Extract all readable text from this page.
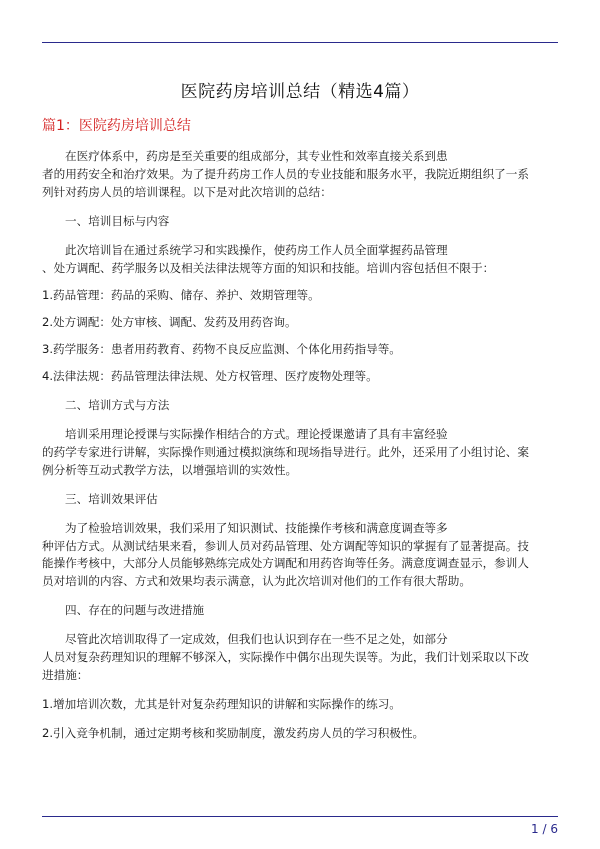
医院药房培训总结（精选4篇）
篇1：医院药房培训总结

在医疗体系中，药房是至关重要的组成部分，其专业性和效率直接关系到患
者的用药安全和治疗效果。为了提升药房工作人员的专业技能和服务水平，我院近期组织了一系
列针对药房人员的培训课程。以下是对此次培训的总结：

一、培训目标与内容

此次培训旨在通过系统学习和实践操作，使药房工作人员全面掌握药品管理
、处方调配、药学服务以及相关法律法规等方面的知识和技能。培训内容包括但不限于：

1.药品管理：药品的采购、储存、养护、效期管理等。

2.处方调配：处方审核、调配、发药及用药咨询。

3.药学服务：患者用药教育、药物不良反应监测、个体化用药指导等。

4.法律法规：药品管理法律法规、处方权管理、医疗废物处理等。

二、培训方式与方法

培训采用理论授课与实际操作相结合的方式。理论授课邀请了具有丰富经验
的药学专家进行讲解，实际操作则通过模拟演练和现场指导进行。此外，还采用了小组讨论、案
例分析等互动式教学方法，以增强培训的实效性。

三、培训效果评估

为了检验培训效果，我们采用了知识测试、技能操作考核和满意度调查等多
种评估方式。从测试结果来看，参训人员对药品管理、处方调配等知识的掌握有了显著提高。技
能操作考核中，大部分人员能够熟练完成处方调配和用药咨询等任务。满意度调查显示，参训人
员对培训的内容、方式和效果均表示满意，认为此次培训对他们的工作有很大帮助。

四、存在的问题与改进措施

尽管此次培训取得了一定成效，但我们也认识到存在一些不足之处，如部分
人员对复杂药理知识的理解不够深入，实际操作中偶尔出现失误等。为此，我们计划采取以下改
进措施：

1.增加培训次数，尤其是针对复杂药理知识的讲解和实际操作的练习。

2.引入竞争机制，通过定期考核和奖励制度，激发药房人员的学习积极性。

1 / 6
